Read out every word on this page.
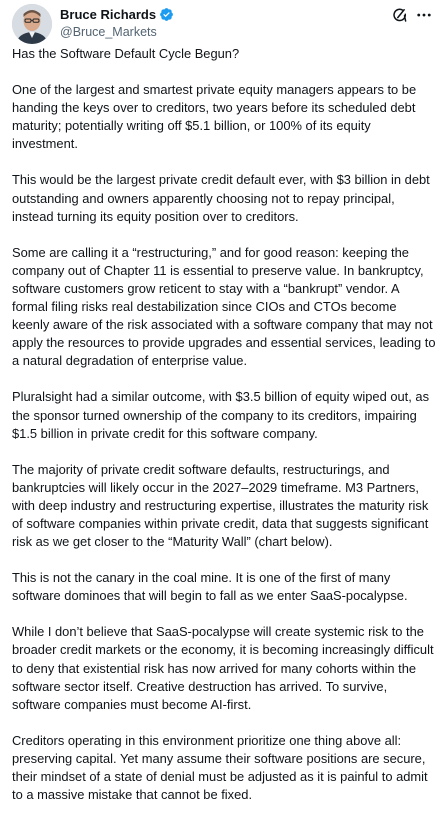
Bruce Richards
@Bruce_Markets

Has the Software Default Cycle Begun?

One of the largest and smartest private equity managers appears to be handing the keys over to creditors, two years before its scheduled debt maturity; potentially writing off $5.1 billion, or 100% of its equity investment.

This would be the largest private credit default ever, with $3 billion in debt outstanding and owners apparently choosing not to repay principal, instead turning its equity position over to creditors.

Some are calling it a “restructuring,” and for good reason: keeping the company out of Chapter 11 is essential to preserve value. In bankruptcy, software customers grow reticent to stay with a “bankrupt” vendor. A formal filing risks real destabilization since CIOs and CTOs become keenly aware of the risk associated with a software company that may not apply the resources to provide upgrades and essential services, leading to a natural degradation of enterprise value.

Pluralsight had a similar outcome, with $3.5 billion of equity wiped out, as the sponsor turned ownership of the company to its creditors, impairing $1.5 billion in private credit for this software company.

The majority of private credit software defaults, restructurings, and bankruptcies will likely occur in the 2027–2029 timeframe. M3 Partners, with deep industry and restructuring expertise, illustrates the maturity risk of software companies within private credit, data that suggests significant risk as we get closer to the “Maturity Wall” (chart below).

This is not the canary in the coal mine. It is one of the first of many software dominoes that will begin to fall as we enter SaaS-pocalypse.

While I don’t believe that SaaS-pocalypse will create systemic risk to the broader credit markets or the economy, it is becoming increasingly difficult to deny that existential risk has now arrived for many cohorts within the software sector itself. Creative destruction has arrived. To survive, software companies must become AI-first.

Creditors operating in this environment prioritize one thing above all: preserving capital. Yet many assume their software positions are secure, their mindset of a state of denial must be adjusted as it is painful to admit to a massive mistake that cannot be fixed.
